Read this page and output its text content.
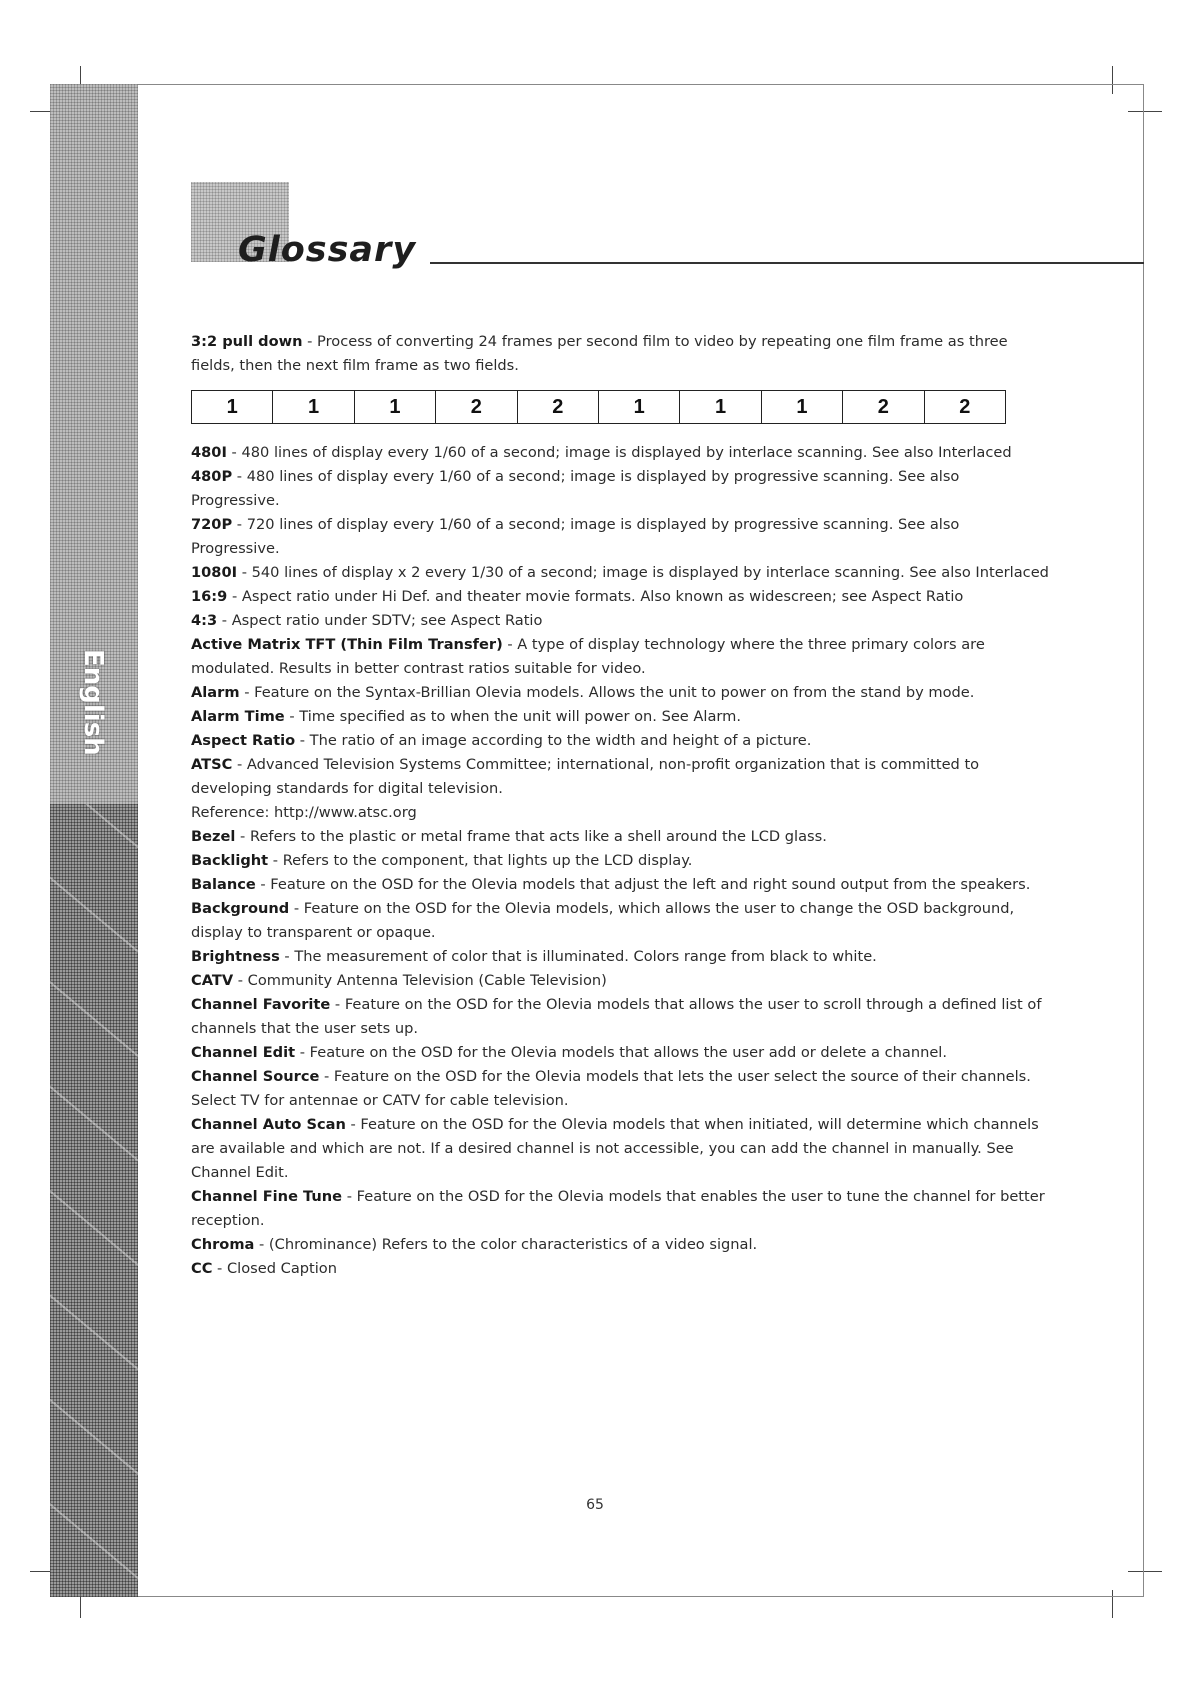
English
Glossary

3:2 pull down - Process of converting 24 frames per second film to video by repeating one film frame as three fields, then the next film frame as two fields.

1	1	1	2	2	1	1	1	2	2

480I - 480 lines of display every 1/60 of a second; image is displayed by interlace scanning. See also Interlaced

480P - 480 lines of display every 1/60 of a second; image is displayed by progressive scanning. See also Progressive.

720P - 720 lines of display every 1/60 of a second; image is displayed by progressive scanning. See also Progressive.

1080I - 540 lines of display x 2 every 1/30 of a second; image is displayed by interlace scanning. See also Interlaced

16:9 - Aspect ratio under Hi Def. and theater movie formats. Also known as widescreen; see Aspect Ratio

4:3 - Aspect ratio under SDTV; see Aspect Ratio

Active Matrix TFT (Thin Film Transfer) - A type of display technology where the three primary colors are modulated. Results in better contrast ratios suitable for video.

Alarm - Feature on the Syntax-Brillian Olevia models. Allows the unit to power on from the stand by mode.

Alarm Time - Time specified as to when the unit will power on. See Alarm.

Aspect Ratio - The ratio of an image according to the width and height of a picture.

ATSC - Advanced Television Systems Committee; international, non-profit organization that is committed to developing standards for digital television.

Reference: http://www.atsc.org

Bezel - Refers to the plastic or metal frame that acts like a shell around the LCD glass.

Backlight - Refers to the component, that lights up the LCD display.

Balance - Feature on the OSD for the Olevia models that adjust the left and right sound output from the speakers.

Background - Feature on the OSD for the Olevia models, which allows the user to change the OSD background, display to transparent or opaque.

Brightness - The measurement of color that is illuminated. Colors range from black to white.

CATV - Community Antenna Television (Cable Television)

Channel Favorite - Feature on the OSD for the Olevia models that allows the user to scroll through a defined list of channels that the user sets up.

Channel Edit - Feature on the OSD for the Olevia models that allows the user add or delete a channel.

Channel Source - Feature on the OSD for the Olevia models that lets the user select the source of their channels. Select TV for antennae or CATV for cable television.

Channel Auto Scan - Feature on the OSD for the Olevia models that when initiated, will determine which channels are available and which are not. If a desired channel is not accessible, you can add the channel in manually. See Channel Edit.

Channel Fine Tune - Feature on the OSD for the Olevia models that enables the user to tune the channel for better reception.

Chroma - (Chrominance) Refers to the color characteristics of a video signal.

CC - Closed Caption

65
